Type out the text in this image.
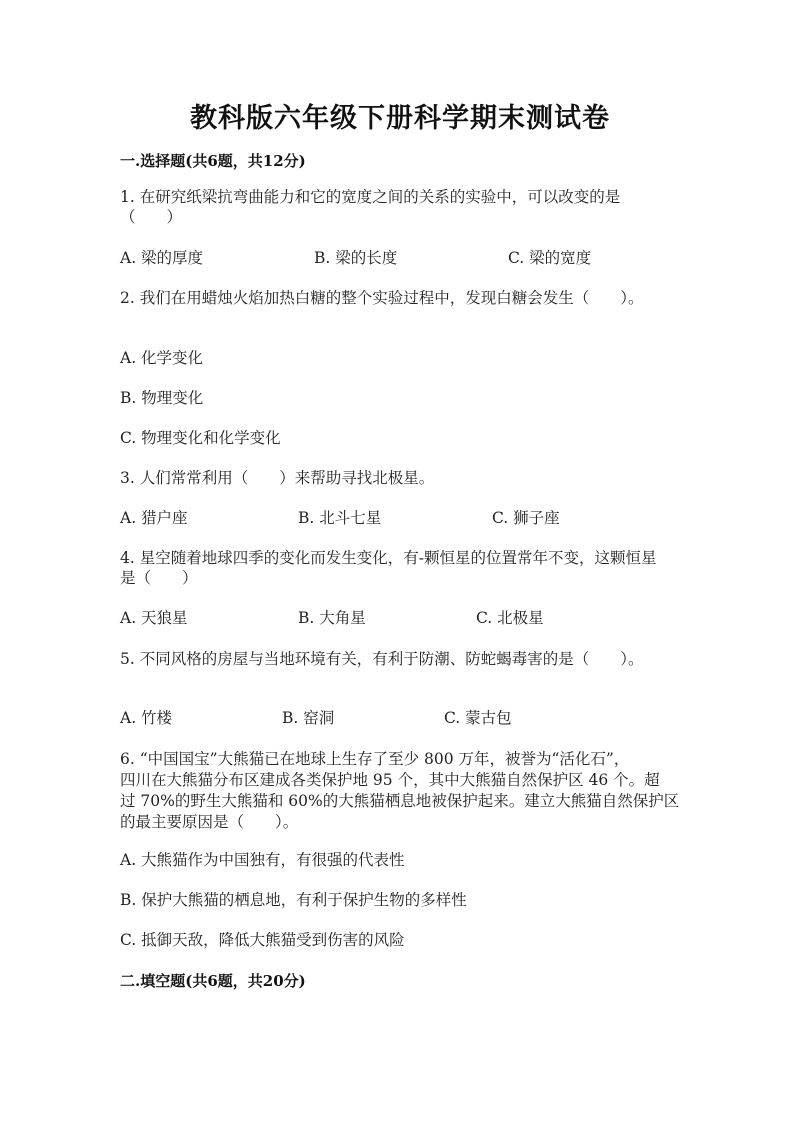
教科版六年级下册科学期末测试卷
一.选择题(共6题，共12分)
1. 在研究纸梁抗弯曲能力和它的宽度之间的关系的实验中，可以改变的是
（　　）
A. 梁的厚度	B. 梁的长度	C. 梁的宽度
2. 我们在用蜡烛火焰加热白糖的整个实验过程中，发现白糖会发生（　　）。
A. 化学变化
B. 物理变化
C. 物理变化和化学变化
3. 人们常常利用（　　）来帮助寻找北极星。
A. 猎户座	B. 北斗七星	C. 狮子座
4. 星空随着地球四季的变化而发生变化，有-颗恒星的位置常年不变，这颗恒星
是（　　）
A. 天狼星	B. 大角星	C. 北极星
5. 不同风格的房屋与当地环境有关，有利于防潮、防蛇蝎毒害的是（　　）。
A. 竹楼	B. 窑洞	C. 蒙古包
6. “中国国宝”大熊猫已在地球上生存了至少 800 万年，被誉为“活化石”，
四川在大熊猫分布区建成各类保护地 95 个，其中大熊猫自然保护区 46 个。超
过 70%的野生大熊猫和 60%的大熊猫栖息地被保护起来。建立大熊猫自然保护区
的最主要原因是（　　）。
A. 大熊猫作为中国独有，有很强的代表性
B. 保护大熊猫的栖息地，有利于保护生物的多样性
C. 抵御天敌，降低大熊猫受到伤害的风险
二.填空题(共6题，共20分)
